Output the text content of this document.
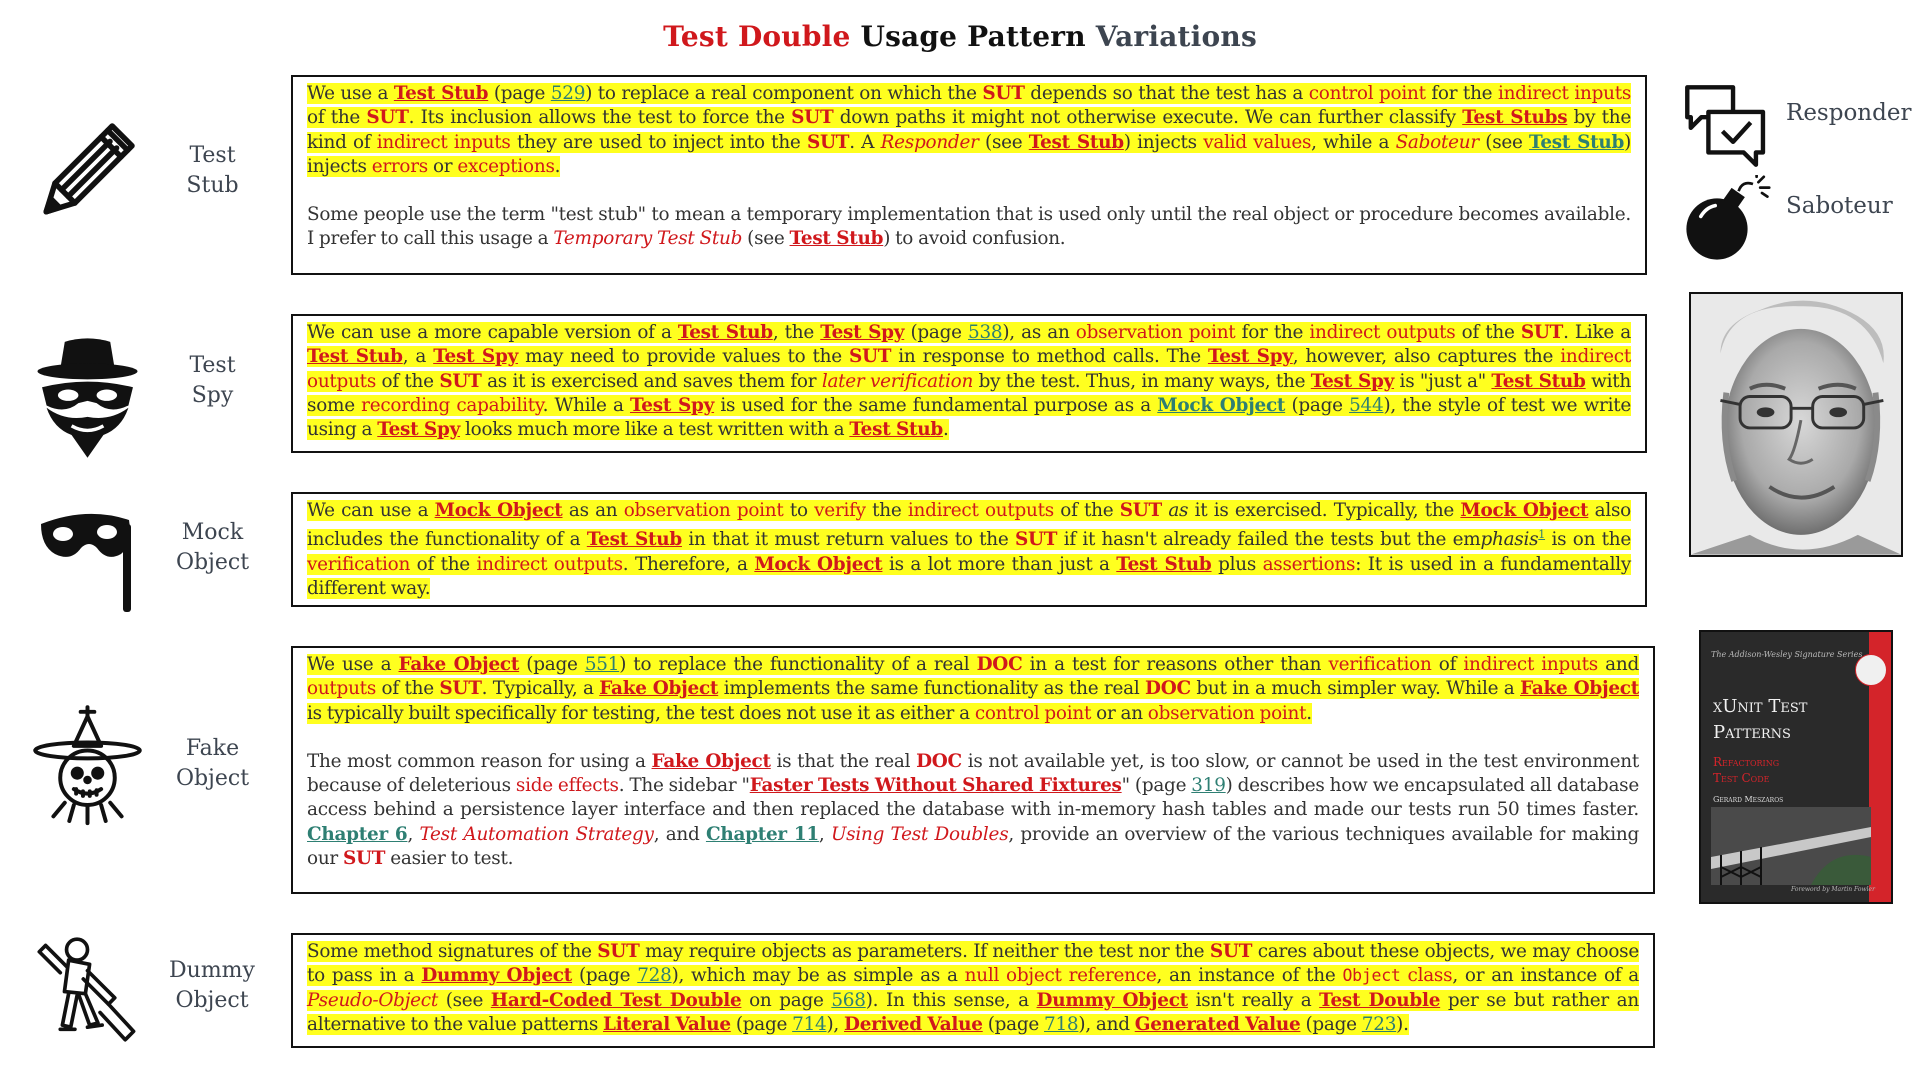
Test Double Usage Pattern Variations
Test
Stub
Test
Spy
Mock
Object
Fake
Object
Dummy
Object

We use a Test Stub (page 529) to replace a real component on which the SUT depends so that the test has a control point for the indirect inputs of the SUT. Its inclusion allows the test to force the SUT down paths it might not otherwise execute. We can further classify Test Stubs by the kind of indirect inputs they are used to inject into the SUT. A Responder (see Test Stub) injects valid values, while a Saboteur (see Test Stub) injects errors or exceptions.

Some people use the term "test stub" to mean a temporary implementation that is used only until the real object or procedure becomes available. I prefer to call this usage a Temporary Test Stub (see Test Stub) to avoid confusion.

We can use a more capable version of a Test Stub, the Test Spy (page 538), as an observation point for the indirect outputs of the SUT. Like a Test Stub, a Test Spy may need to provide values to the SUT in response to method calls. The Test Spy, however, also captures the indirect outputs of the SUT as it is exercised and saves them for later verification by the test. Thus, in many ways, the Test Spy is "just a" Test Stub with some recording capability. While a Test Spy is used for the same fundamental purpose as a Mock Object (page 544), the style of test we write using a Test Spy looks much more like a test written with a Test Stub.

We can use a Mock Object as an observation point to verify the indirect outputs of the SUT as it is exercised. Typically, the Mock Object also includes the functionality of a Test Stub in that it must return values to the SUT if it hasn't already failed the tests but the emphasis$^1$ is on the verification of the indirect outputs. Therefore, a Mock Object is a lot more than just a Test Stub plus assertions: It is used in a fundamentally different way.

We use a Fake Object (page 551) to replace the functionality of a real DOC in a test for reasons other than verification of indirect inputs and outputs of the SUT. Typically, a Fake Object implements the same functionality as the real DOC but in a much simpler way. While a Fake Object is typically built specifically for testing, the test does not use it as either a control point or an observation point.

The most common reason for using a Fake Object is that the real DOC is not available yet, is too slow, or cannot be used in the test environment because of deleterious side effects. The sidebar "Faster Tests Without Shared Fixtures" (page 319) describes how we encapsulated all database access behind a persistence layer interface and then replaced the database with in-memory hash tables and made our tests run 50 times faster. Chapter 6, Test Automation Strategy, and Chapter 11, Using Test Doubles, provide an overview of the various techniques available for making our SUT easier to test.

Some method signatures of the SUT may require objects as parameters. If neither the test nor the SUT cares about these objects, we may choose to pass in a Dummy Object (page 728), which may be as simple as a null object reference, an instance of the Object class, or an instance of a Pseudo-Object (see Hard-Coded Test Double on page 568). In this sense, a Dummy Object isn't really a Test Double per se but rather an alternative to the value patterns Literal Value (page 714), Derived Value (page 718), and Generated Value (page 723).

Responder
Saboteur
The Addison-Wesley Signature Series
xUnit Test
Patterns
Refactoring
Test Code
Gerard Meszaros
Foreword by Martin Fowler
